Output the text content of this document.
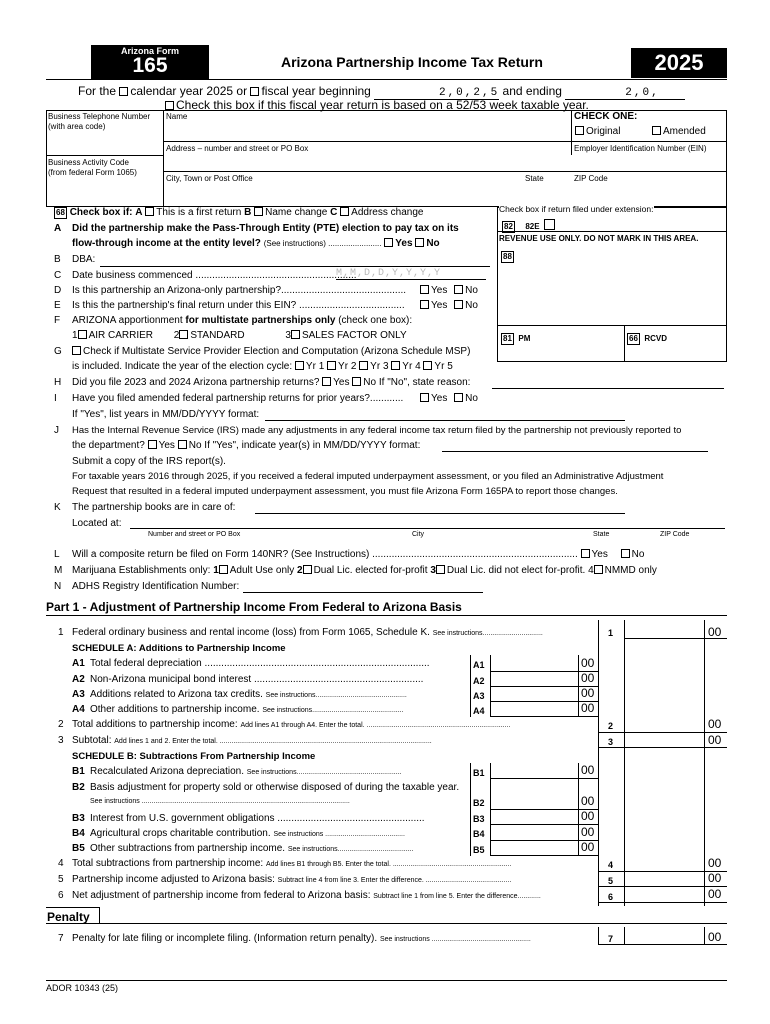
Arizona Form
165	Arizona Partnership Income Tax Return	2025
For the calendar year 2025 or fiscal year beginning	2,0,2,5 and ending	2,0,
Check this box if this fiscal year return is based on a 52/53 week taxable year.
Business Telephone Number
(with area code)
Name	CHECK ONE:
Original	Amended
Address – number and street or PO Box	Employer Identification Number (EIN)
Business Activity Code
(from federal Form 1065)
City, Town or Post Office	State	ZIP Code
Check box if return filed under extension:
82 82E
REVENUE USE ONLY. DO NOT MARK IN THIS AREA.
88
81 PM	66 RCVD
68 Check box if: A This is a first return B Name change C Address change
A Did the partnership make the Pass-Through Entity (PTE) election to pay tax on its
flow-through income at the entity level? (See instructions) ........................ Yes No
B DBA:
C Date business commenced ..........................................................
M,M,D,D,Y,Y,Y,Y
D Is this partnership an Arizona-only partnership?.............................................	Yes No
E Is this the partnership's final return under this EIN? ......................................	Yes No
F ARIZONA apportionment for multistate partnerships only (check one box):
1 AIR CARRIER 2 STANDARD	3 SALES FACTOR ONLY
G	Check if Multistate Service Provider Election and Computation (Arizona Schedule MSP)
is included. Indicate the year of the election cycle: Yr 1 Yr 2 Yr 3 Yr 4 Yr 5
H Did you file 2023 and 2024 Arizona partnership returns? Yes No If "No", state reason:
I Have you filed amended federal partnership returns for prior years?............	Yes No
If "Yes", list years in MM/DD/YYYY format:
J Has the Internal Revenue Service (IRS) made any adjustments in any federal income tax return filed by the partnership not previously reported to
the department? Yes No If "Yes", indicate year(s) in MM/DD/YYYY format:
Submit a copy of the IRS report(s).
For taxable years 2016 through 2025, if you received a federal imputed underpayment assessment, or you filed an Administrative Adjustment
Request that resulted in a federal imputed underpayment assessment, you must file Arizona Form 165PA to report those changes.
K The partnership books are in care of:
Located at:
Number and street or PO Box	City	State	ZIP Code
L Will a composite return be filed on Form 140NR? (See Instructions) .......................................................................... Yes No
M Marijuana Establishments only: 1 Adult Use only 2 Dual Lic. elected for-profit 3 Dual Lic. did not elect for-profit. 4 NMMD only
N ADHS Registry Identification Number:
Part 1 - Adjustment of Partnership Income From Federal to Arizona Basis
1 Federal ordinary business and rental income (loss) from Form 1065, Schedule K. See instructions...............................	1	00
SCHEDULE A: Additions to Partnership Income
A1 Total federal depreciation .................................................................................	A1	00
A2 Non-Arizona municipal bond interest .............................................................	A2	00
A3 Additions related to Arizona tax credits. See instructions...............................................	A3	00
A4 Other additions to partnership income. See instructions...............................................	A4	00
2 Total additions to partnership income: Add lines A1 through A4. Enter the total. ..........................................................................	2	00
3 Subtotal: Add lines 1 and 2. Enter the total. .............................................................................................................	3	00
SCHEDULE B: Subtractions From Partnership Income
B1 Recalculated Arizona depreciation. See instructions......................................................	B1	00
B2 Basis adjustment for property sold or otherwise disposed of during the taxable year.
See instructions ...........................................................................................................	B2	00
B3 Interest from U.S. government obligations .....................................................	B3	00
B4 Agricultural crops charitable contribution. See instructions .........................................	B4	00
B5 Other subtractions from partnership income. See instructions.......................................	B5	00
4 Total subtractions from partnership income: Add lines B1 through B5. Enter the total. .............................................................	4	00
5 Partnership income adjusted to Arizona basis: Subtract line 4 from line 3. Enter the difference. ............................................	5	00
6 Net adjustment of partnership income from federal to Arizona basis: Subtract line 1 from line 5. Enter the difference............	6	00
Penalty
7 Penalty for late filing or incomplete filing. (Information return penalty). See instructions ...................................................	7	00
ADOR 10343 (25)
